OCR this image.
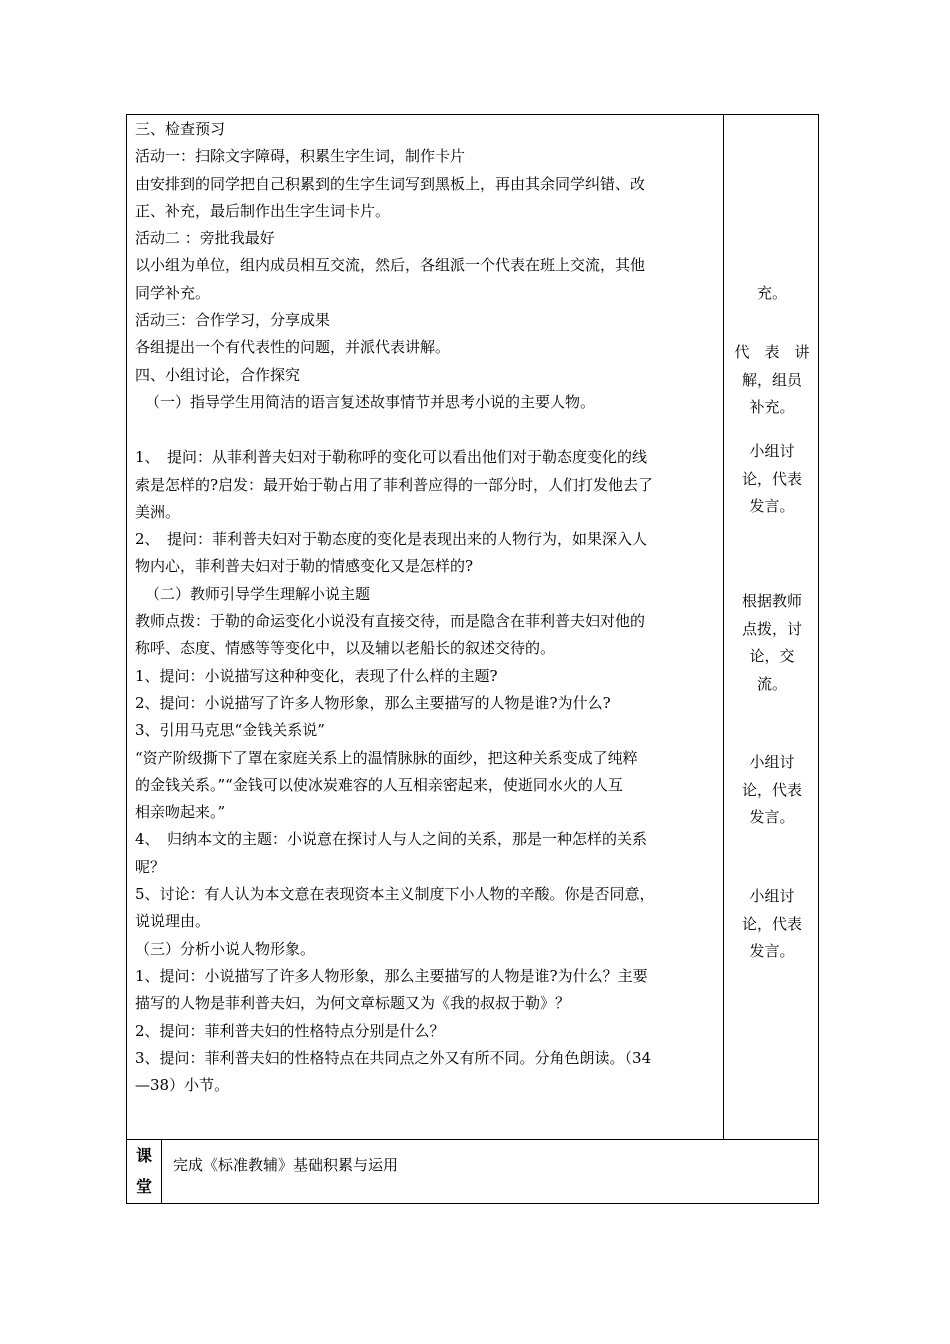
三、检查预习

活动一：扫除文字障碍，积累生字生词，制作卡片

由安排到的同学把自己积累到的生字生词写到黑板上，再由其余同学纠错、改

正、补充，最后制作出生字生词卡片。

活动二 ：旁批我最好

以小组为单位，组内成员相互交流，然后，各组派一个代表在班上交流，其他

同学补充。

活动三：合作学习，分享成果

各组提出一个有代表性的问题，并派代表讲解。

四、小组讨论，合作探究

（一）指导学生用简洁的语言复述故事情节并思考小说的主要人物。

1、　提问：从菲利普夫妇对于勒称呼的变化可以看出他们对于勒态度变化的线

索是怎样的?启发：最开始于勒占用了菲利普应得的一部分时，人们打发他去了

美洲。

2、　提问：菲利普夫妇对于勒态度的变化是表现出来的人物行为，如果深入人

物内心，菲利普夫妇对于勒的情感变化又是怎样的?

（二）教师引导学生理解小说主题

教师点拨：于勒的命运变化小说没有直接交待，而是隐含在菲利普夫妇对他的

称呼、态度、情感等等变化中，以及辅以老船长的叙述交待的。

1、提问：小说描写这种种变化，表现了什么样的主题?

2、提问：小说描写了许多人物形象，那么主要描写的人物是谁?为什么?

3、引用马克思“金钱关系说”

“资产阶级撕下了罩在家庭关系上的温情脉脉的面纱，把这种关系变成了纯粹

的金钱关系。”“金钱可以使冰炭难容的人互相亲密起来，使逝同水火的人互

相亲吻起来。”

4、　归纳本文的主题：小说意在探讨人与人之间的关系，那是一种怎样的关系

呢？

5、讨论：有人认为本文意在表现资本主义制度下小人物的辛酸。你是否同意，

说说理由。

（三）分析小说人物形象。

1、提问：小说描写了许多人物形象，那么主要描写的人物是谁?为什么？主要

描写的人物是菲利普夫妇，为何文章标题又为《我的叔叔于勒》？

2、提问：菲利普夫妇的性格特点分别是什么？

3、提问：菲利普夫妇的性格特点在共同点之外又有所不同。分角色朗读。（34

—38）小节。

充。
代　表　讲
解，组员
补充。
小组讨
论，代表
发言。
根据教师
点拨，讨
论，交
流。
小组讨
论，代表
发言。
小组讨
论，代表
发言。
课
堂
完成《标准教辅》基础积累与运用
